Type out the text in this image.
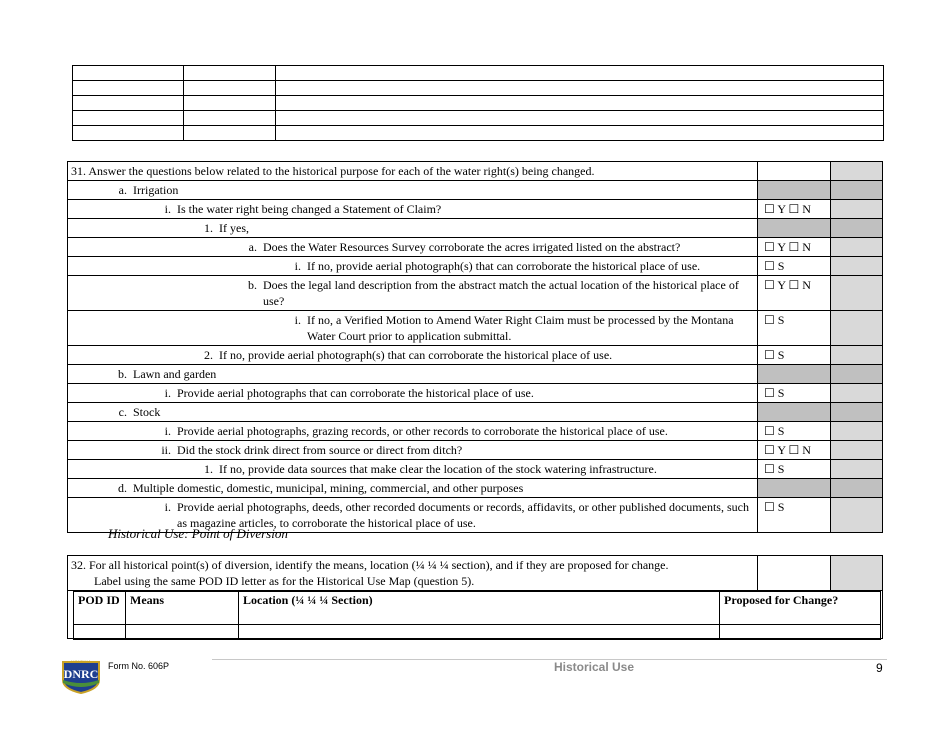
31. Answer the questions below related to the historical purpose for each of the water right(s) being changed.		

a. Irrigation		

i. Is the water right being changed a Statement of Claim?	☐ Y ☐ N	

1. If yes,		

a. Does the Water Resources Survey corroborate the acres irrigated listed on the abstract?	☐ Y ☐ N	

i. If no, provide aerial photograph(s) that can corroborate the historical place of use.	☐ S	

b. Does the legal land description from the abstract match the actual location of the historical place of use?	☐ Y ☐ N	

i. If no, a Verified Motion to Amend Water Right Claim must be processed by the Montana Water Court prior to application submittal.	☐ S	

2. If no, provide aerial photograph(s) that can corroborate the historical place of use.	☐ S	

b. Lawn and garden		

i. Provide aerial photographs that can corroborate the historical place of use.	☐ S	

c. Stock		

i. Provide aerial photographs, grazing records, or other records to corroborate the historical place of use.	☐ S	

ii. Did the stock drink direct from source or direct from ditch?	☐ Y ☐ N	

1. If no, provide data sources that make clear the location of the stock watering infrastructure.	☐ S	

d. Multiple domestic, domestic, municipal, mining, commercial, and other purposes		

i. Provide aerial photographs, deeds, other recorded documents or records, affidavits, or other published documents, such as magazine articles, to corroborate the historical place of use.	☐ S	
Historical Use: Point of Diversion
32. For all historical point(s) of diversion, identify the means, location (¼ ¼ ¼ section), and if they are proposed for change.
Label using the same POD ID letter as for the Historical Use Map (question 5).

POD ID	Means	Location (¼ ¼ ¼ Section)	Proposed for Change?

MONTANA
DNRC
Form No. 606P	Historical Use	9
